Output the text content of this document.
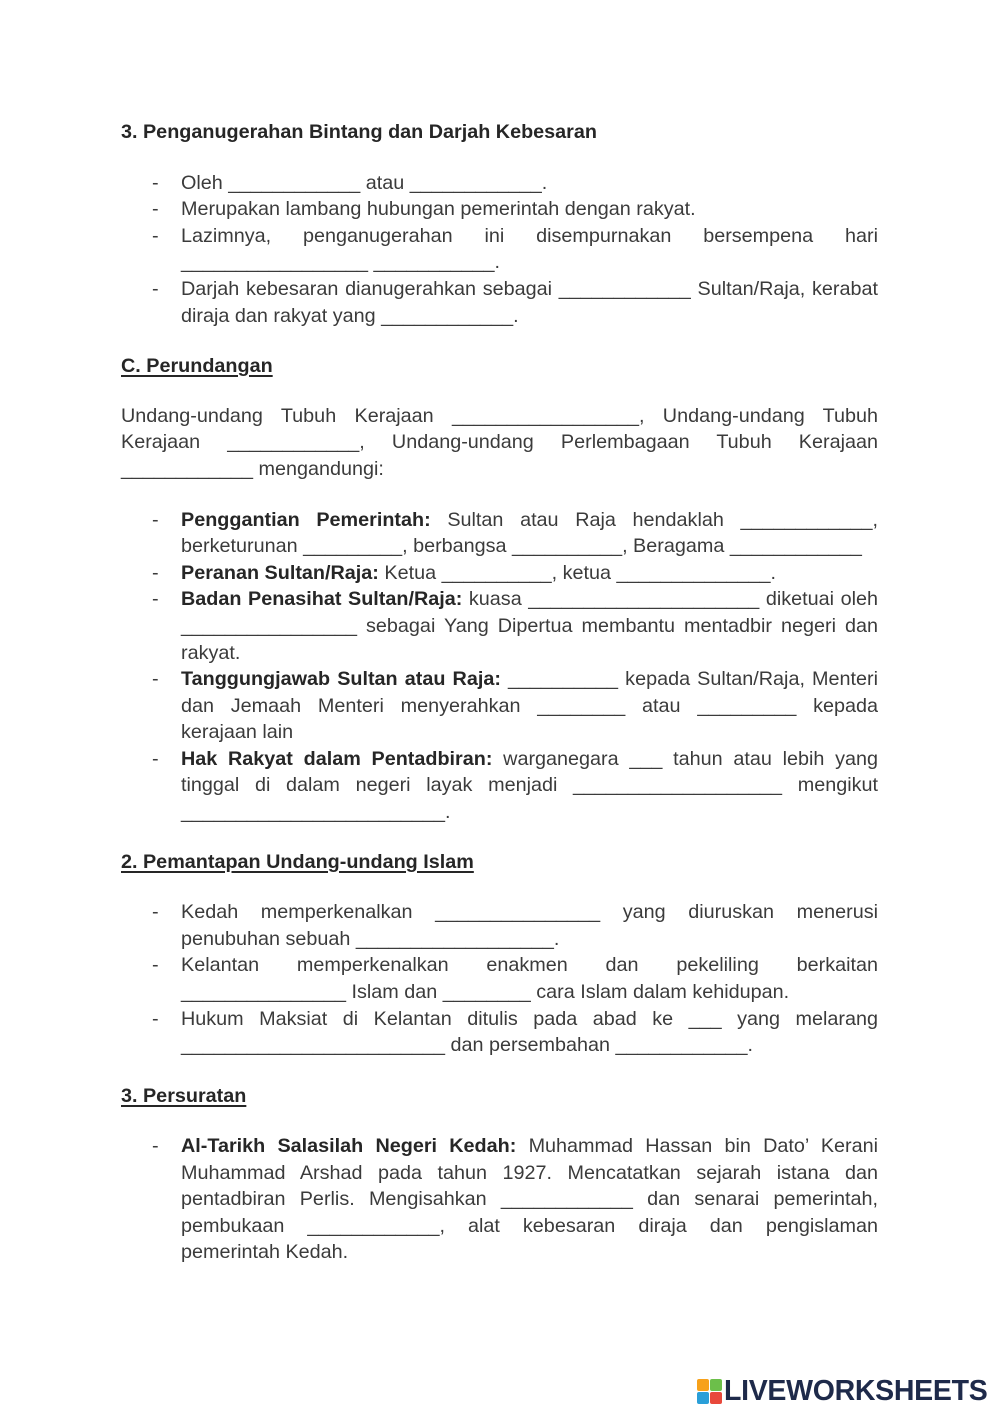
3. Penganugerahan Bintang dan Darjah Kebesaran
- Oleh ____________ atau ____________.
- Merupakan lambang hubungan pemerintah dengan rakyat.
- Lazimnya, penganugerahan ini disempurnakan bersempena hari
_________________ ___________.
- Darjah kebesaran dianugerahkan sebagai ____________ Sultan/Raja, kerabat
diraja dan rakyat yang ____________.
C. Perundangan
Undang-undang Tubuh Kerajaan _________________, Undang-undang Tubuh
Kerajaan ____________, Undang-undang Perlembagaan Tubuh Kerajaan
____________ mengandungi:
- Penggantian Pemerintah: Sultan atau Raja hendaklah ____________,
berketurunan _________, berbangsa __________, Beragama ____________
- Peranan Sultan/Raja: Ketua __________, ketua ______________.
- Badan Penasihat Sultan/Raja: kuasa _____________________ diketuai oleh
________________ sebagai Yang Dipertua membantu mentadbir negeri dan
rakyat.
- Tanggungjawab Sultan atau Raja: __________ kepada Sultan/Raja, Menteri
dan Jemaah Menteri menyerahkan ________ atau _________ kepada
kerajaan lain
- Hak Rakyat dalam Pentadbiran: warganegara ___ tahun atau lebih yang
tinggal di dalam negeri layak menjadi ___________________ mengikut
________________________.
2. Pemantapan Undang-undang Islam
- Kedah memperkenalkan _______________ yang diuruskan menerusi
penubuhan sebuah __________________.
- Kelantan memperkenalkan enakmen dan pekeliling berkaitan
_______________ Islam dan ________ cara Islam dalam kehidupan.
- Hukum Maksiat di Kelantan ditulis pada abad ke ___ yang melarang
________________________ dan persembahan ____________.
3. Persuratan
- Al-Tarikh Salasilah Negeri Kedah: Muhammad Hassan bin Dato’ Kerani
Muhammad Arshad pada tahun 1927. Mencatatkan sejarah istana dan
pentadbiran Perlis. Mengisahkan ____________ dan senarai pemerintah,
pembukaan ____________, alat kebesaran diraja dan pengislaman
pemerintah Kedah.
LIVEWORKSHEETS
